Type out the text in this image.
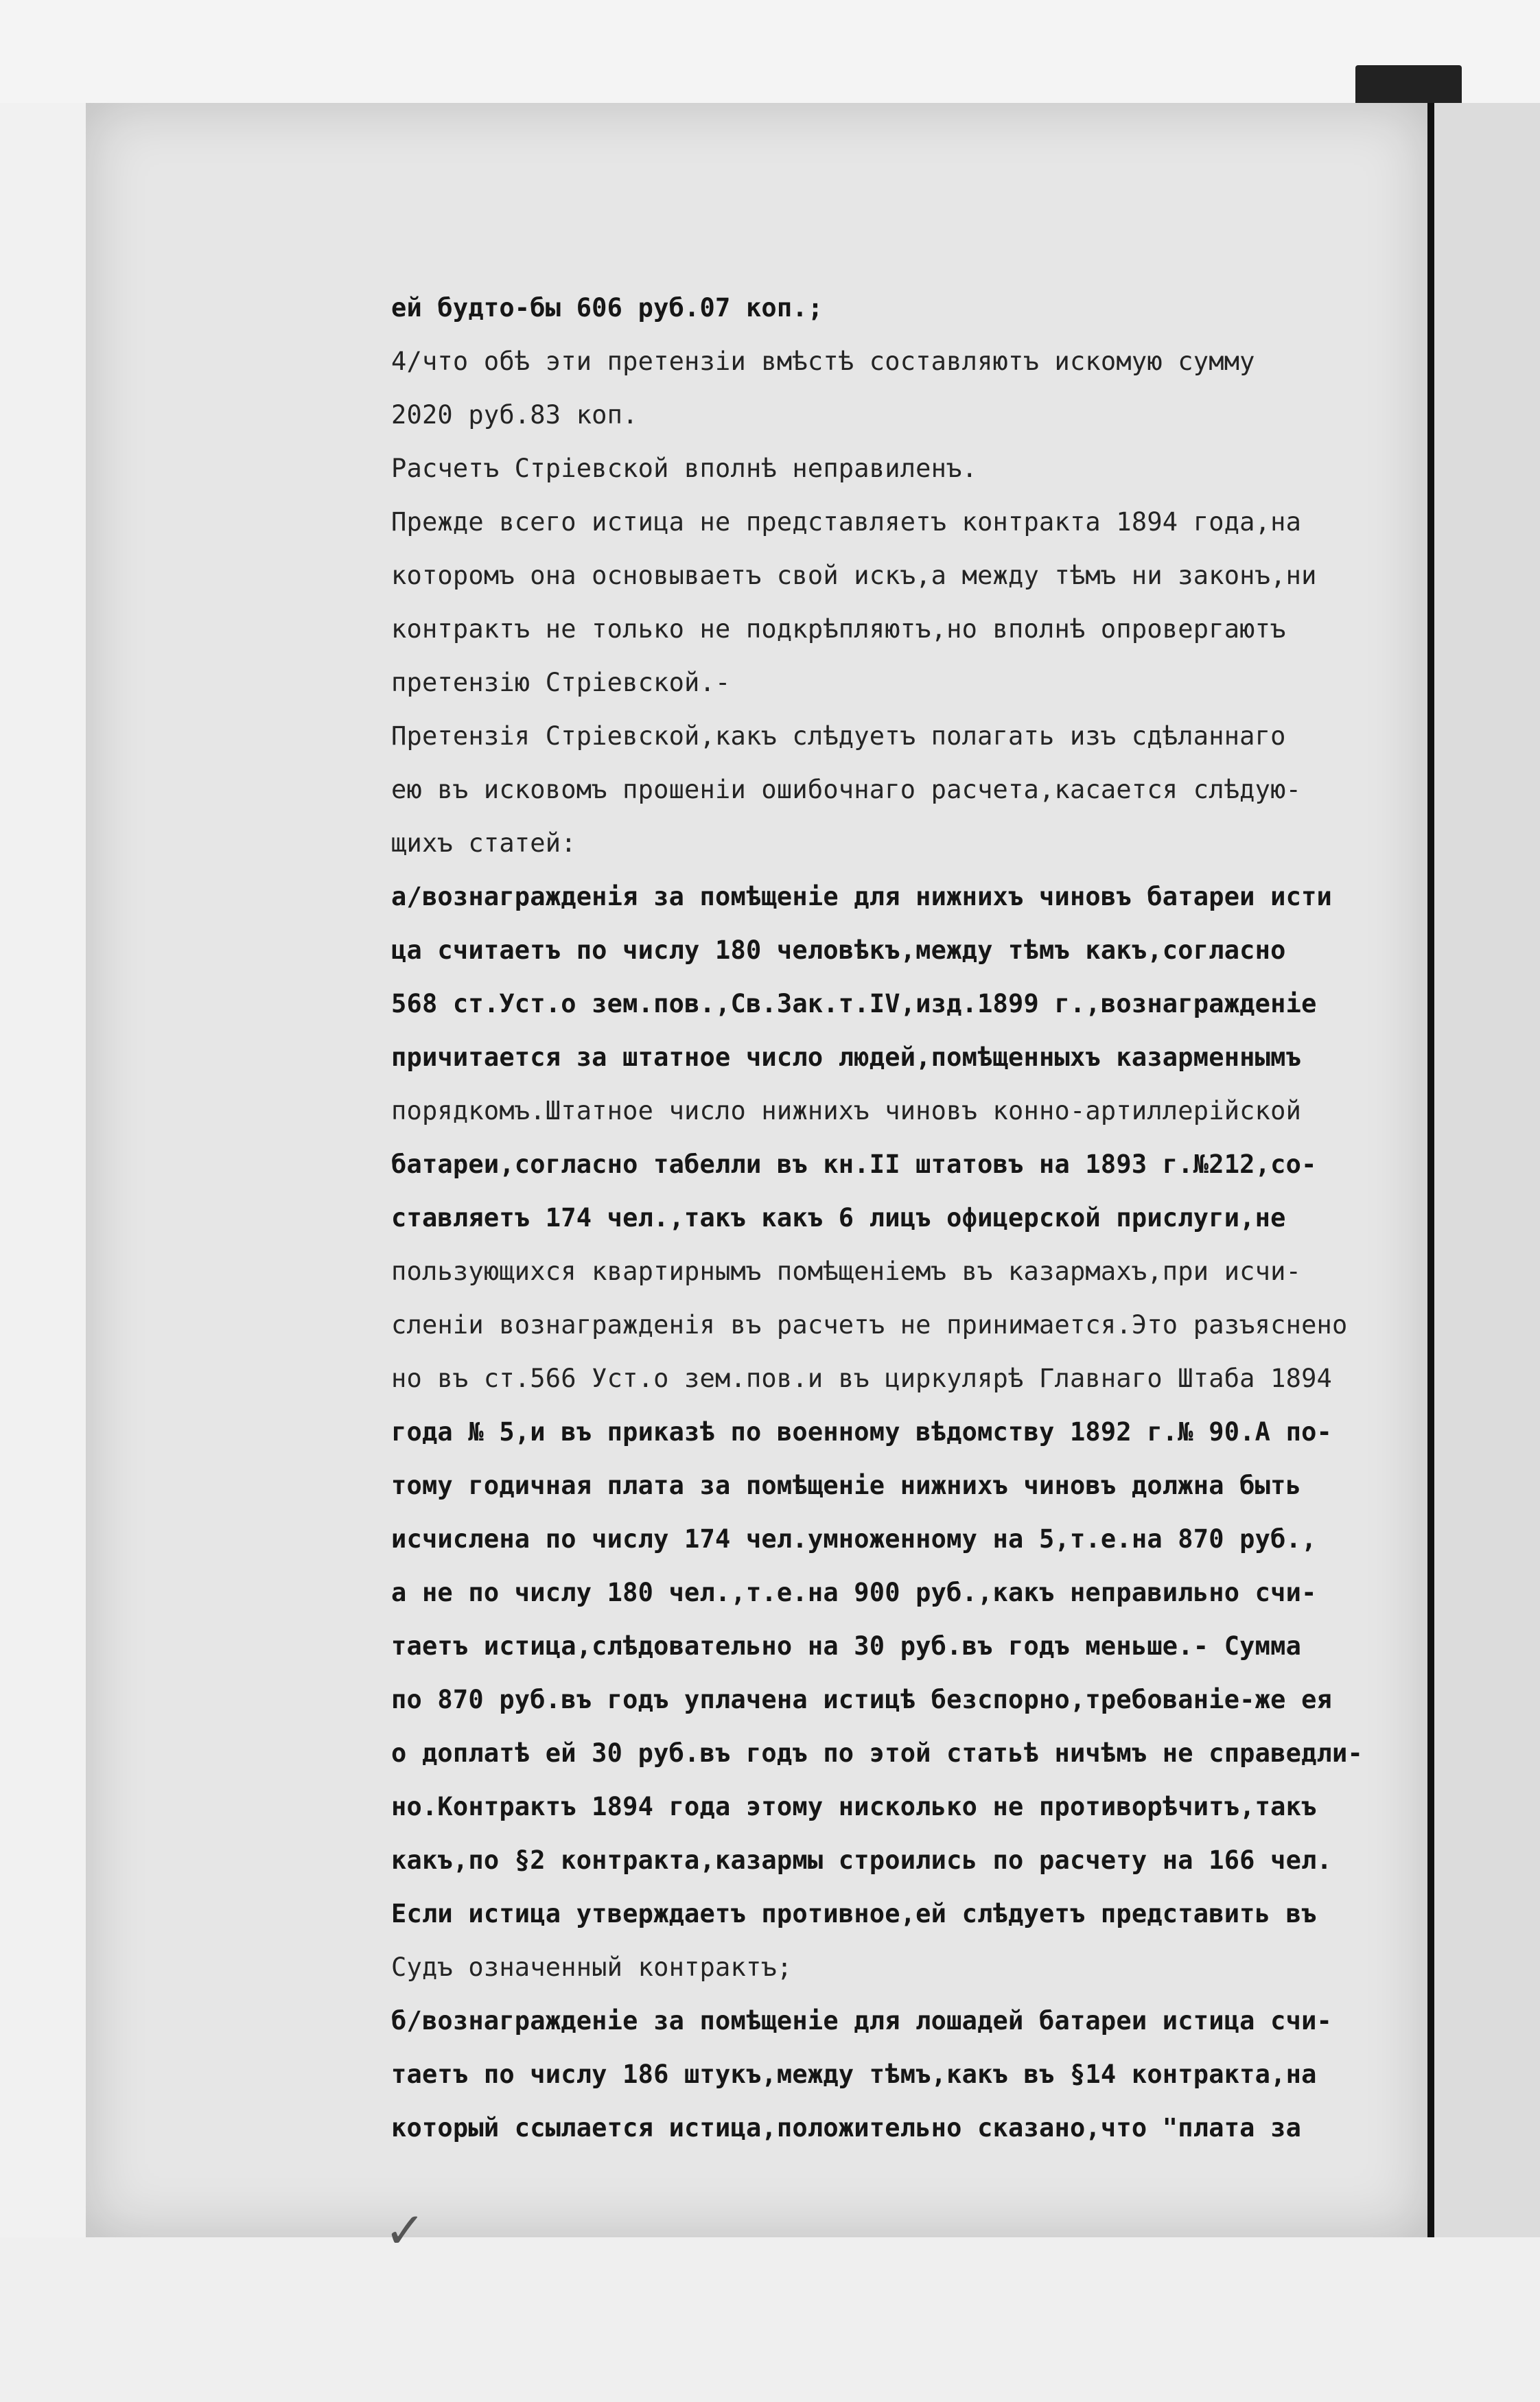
ей будто-бы 606 руб.07 коп.;
4/что обѣ эти претензіи вмѣстѣ составляютъ искомую сумму
2020 руб.83 коп.
Расчетъ Стріевской вполнѣ неправиленъ.
Прежде всего истица не представляетъ контракта 1894 года,на
которомъ она основываетъ свой искъ,а между тѣмъ ни законъ,ни
контрактъ не только не подкрѣпляютъ,но вполнѣ опровергаютъ
претензію Стріевской.-
Претензія Стріевской,какъ слѣдуетъ полагать изъ сдѣланнаго
ею въ исковомъ прошеніи ошибочнаго расчета,касается слѣдую-
щихъ статей:
а/вознагражденія за помѣщеніе для нижнихъ чиновъ батареи исти
ца считаетъ по числу 180 человѣкъ,между тѣмъ какъ,согласно
568 ст.Уст.о зем.пов.,Св.Зак.т.IV,изд.1899 г.,вознагражденіе
причитается за штатное число людей,помѣщенныхъ казарменнымъ
порядкомъ.Штатное число нижнихъ чиновъ конно-артиллерійской
батареи,согласно табелли въ кн.II штатовъ на 1893 г.№212,со-
ставляетъ 174 чел.,такъ какъ 6 лицъ офицерской прислуги,не
пользующихся квартирнымъ помѣщеніемъ въ казармахъ,при исчи-
сленіи вознагражденія въ расчетъ не принимается.Это разъяснено
но въ ст.566 Уст.о зем.пов.и въ циркулярѣ Главнаго Штаба 1894
года № 5,и въ приказѣ по военному вѣдомству 1892 г.№ 90.А по-
тому годичная плата за помѣщеніе нижнихъ чиновъ должна быть
исчислена по числу 174 чел.умноженному на 5,т.е.на 870 руб.,
а не по числу 180 чел.,т.е.на 900 руб.,какъ неправильно счи-
таетъ истица,слѣдовательно на 30 руб.въ годъ меньше.- Сумма
по 870 руб.въ годъ уплачена истицѣ безспорно,требованіе-же ея
о доплатѣ ей 30 руб.въ годъ по этой статьѣ ничѣмъ не справедли-
но.Контрактъ 1894 года этому нисколько не противорѣчитъ,такъ
какъ,по §2 контракта,казармы строились по расчету на 166 чел.
Если истица утверждаетъ противное,ей слѣдуетъ представить въ
Судъ означенный контрактъ;
б/вознагражденіе за помѣщеніе для лошадей батареи истица счи-
таетъ по числу 186 штукъ,между тѣмъ,какъ въ §14 контракта,на
который ссылается истица,положительно сказано,что "плата за
✓
